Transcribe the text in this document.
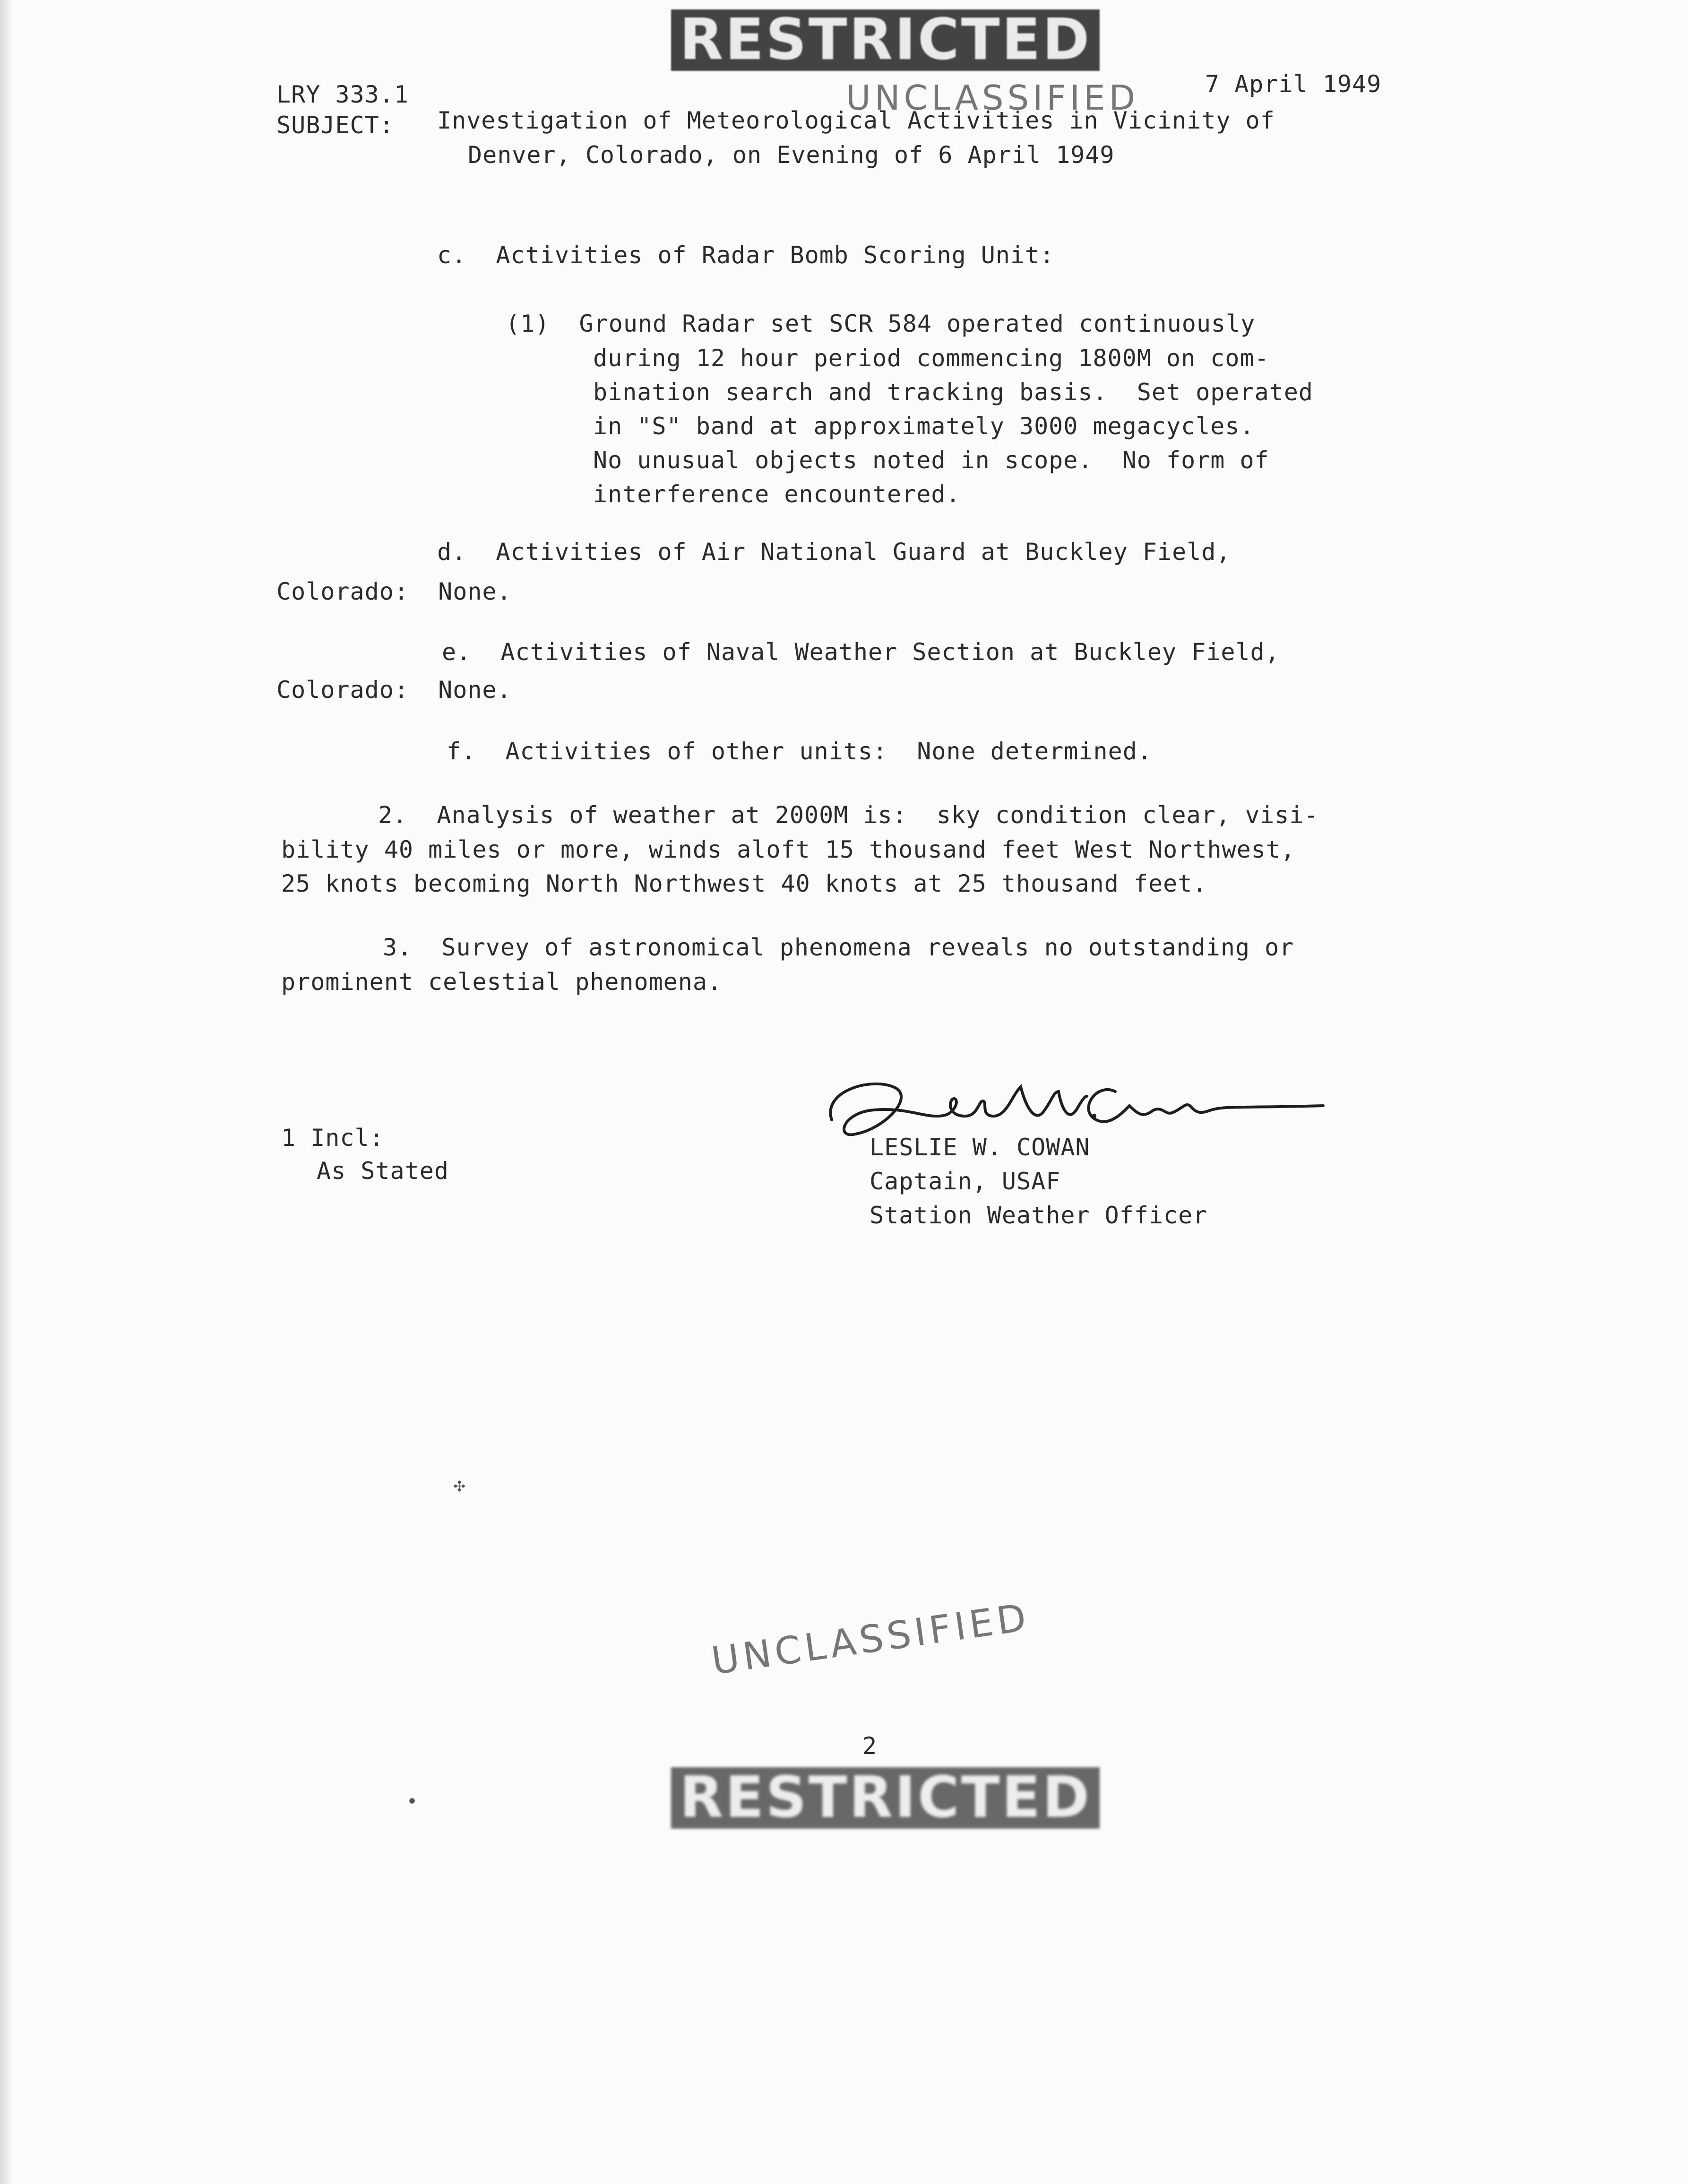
RESTRICTED
LRY 333.1	7 April 1949
UNCLASSIFIED
SUBJECT: Investigation of Meteorological Activities in Vicinity of
Denver, Colorado, on Evening of 6 April 1949
c.  Activities of Radar Bomb Scoring Unit:
(1)  Ground Radar set SCR 584 operated continuously
during 12 hour period commencing 1800M on com-
bination search and tracking basis.  Set operated
in "S" band at approximately 3000 megacycles.
No unusual objects noted in scope.  No form of
interference encountered.
d.  Activities of Air National Guard at Buckley Field,
Colorado:  None.
e.  Activities of Naval Weather Section at Buckley Field,
Colorado:  None.
f.  Activities of other units:  None determined.
2.  Analysis of weather at 2000M is:  sky condition clear, visi-
bility 40 miles or more, winds aloft 15 thousand feet West Northwest,
25 knots becoming North Northwest 40 knots at 25 thousand feet.
3.  Survey of astronomical phenomena reveals no outstanding or
prominent celestial phenomena.
1 Incl:
As Stated
LESLIE W. COWAN
Captain, USAF
Station Weather Officer
✣
•
UNCLASSIFIED
2
RESTRICTED
